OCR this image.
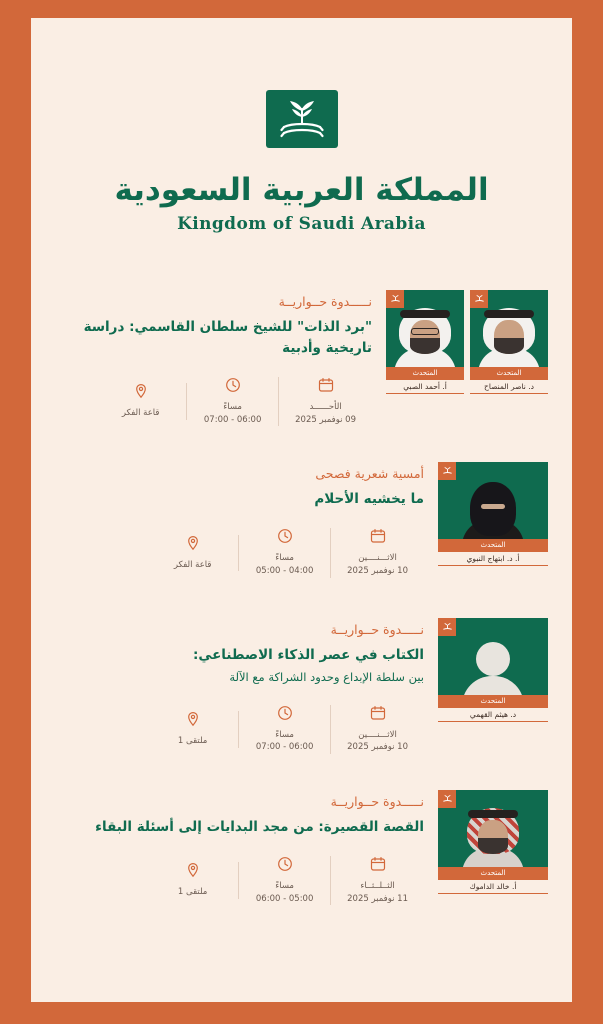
المملكة العربية السعودية
Kingdom of Saudi Arabia
المتحدث
د. ناصر المنصاح
المتحدث
أ. أحمد الصبي
نـــــدوة حــواريــة
"برد الذات" للشيخ سلطان القاسمي: دراسة تاريخية وأدبية
الأحــــــد
09 نوفمبر 2025
مساءً
06:00 - 07:00
قاعة الفكر
المتحدث
أ. د. ابتهاج النبوي
أمسية شعرية فصحى
ما يخشيه الأحلام
الاثـــنــــين
10 نوفمبر 2025
مساءً
04:00 - 05:00
قاعة الفكر
المتحدث
د. هيثم القهمي
نـــــدوة حــواريــة
الكتاب في عصر الذكاء الاصطناعي:
بين سلطة الإبداع وحدود الشراكة مع الآلة
الاثـــنــــين
10 نوفمبر 2025
مساءً
06:00 - 07:00
ملتقى 1
المتحدث
أ. خالد الداموك
نـــــدوة حــواريــة
القصة القصيرة: من مجد البدايات إلى أسئلة البقاء
الثــلــثــاء
11 نوفمبر 2025
مساءً
05:00 - 06:00
ملتقى 1
